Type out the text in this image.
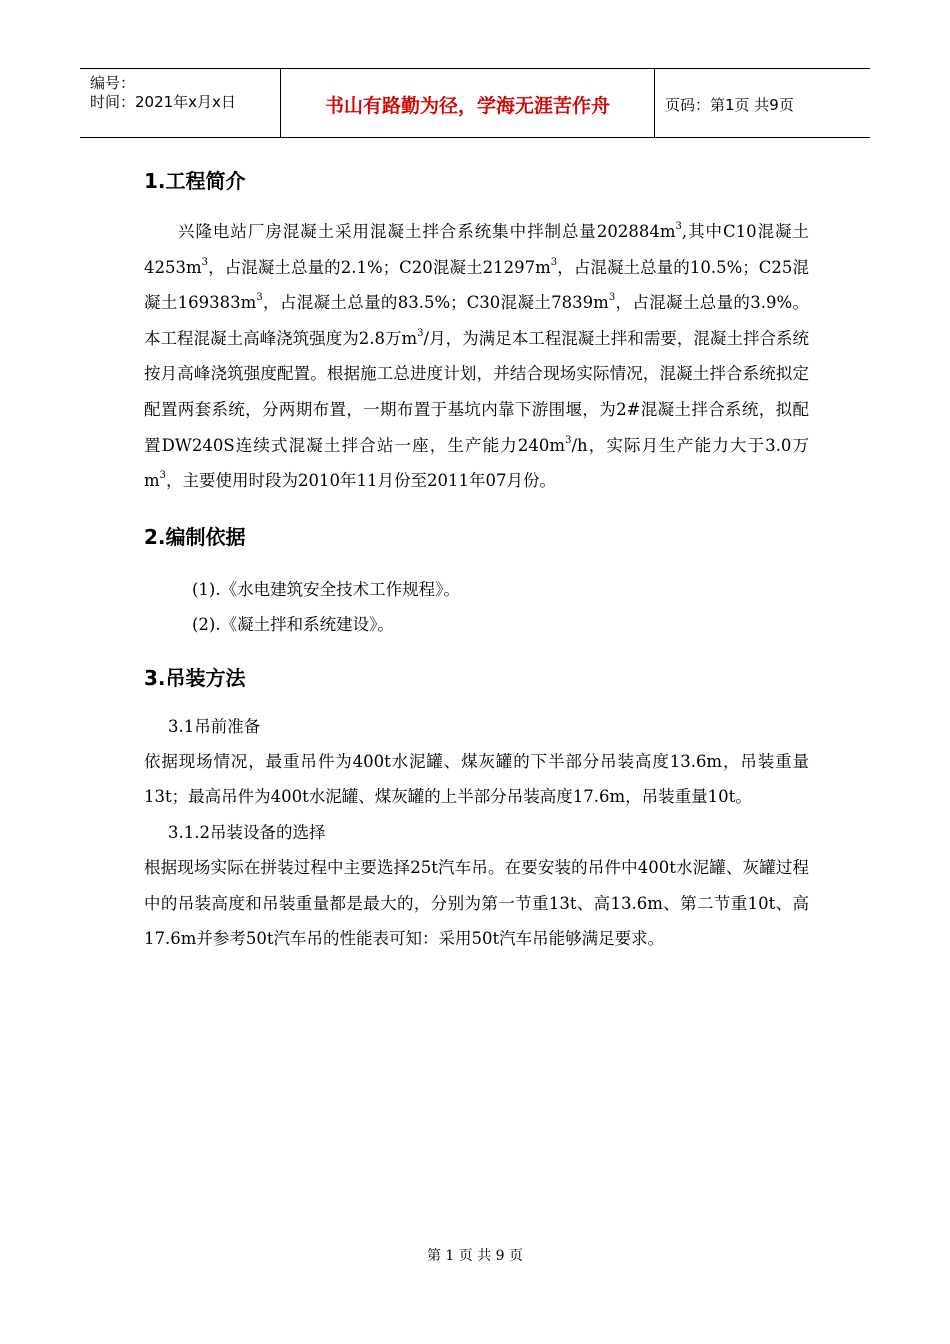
编号：
时间：2021年x月x日	书山有路勤为径，学海无涯苦作舟	页码：第1页 共9页
1.工程简介

兴隆电站厂房混凝土采用混凝土拌合系统集中拌制总量$202884m^3$,其中C10混凝土$4253m^3$，占混凝土总量的2.1%；C20混凝土$21297m^3$，占混凝土总量的10.5%；C25混凝土$169383m^3$，占混凝土总量的83.5%；C30混凝土$7839m^3$，占混凝土总量的3.9%。本工程混凝土高峰浇筑强度为2.8万$m^3/$月，为满足本工程混凝土拌和需要，混凝土拌合系统按月高峰浇筑强度配置。根据施工总进度计划，并结合现场实际情况，混凝土拌合系统拟定配置两套系统，分两期布置，一期布置于基坑内靠下游围堰，为2#混凝土拌合系统，拟配置DW240S连续式混凝土拌合站一座，生产能力$240m^3/h$，实际月生产能力大于3.0万$m^3$，主要使用时段为2010年11月份至2011年07月份。

2.编制依据
(1).《水电建筑安全技术工作规程》。
(2).《凝土拌和系统建设》。
3.吊装方法
3.1吊前准备

依据现场情况，最重吊件为400t水泥罐、煤灰罐的下半部分吊装高度13.6m，吊装重量13t；最高吊件为400t水泥罐、煤灰罐的上半部分吊装高度17.6m，吊装重量10t。

3.1.2吊装设备的选择

根据现场实际在拼装过程中主要选择25t汽车吊。在要安装的吊件中400t水泥罐、灰罐过程中的吊装高度和吊装重量都是最大的，分别为第一节重13t、高13.6m、第二节重10t、高17.6m并参考50t汽车吊的性能表可知：采用50t汽车吊能够满足要求。

第 1 页 共 9 页
